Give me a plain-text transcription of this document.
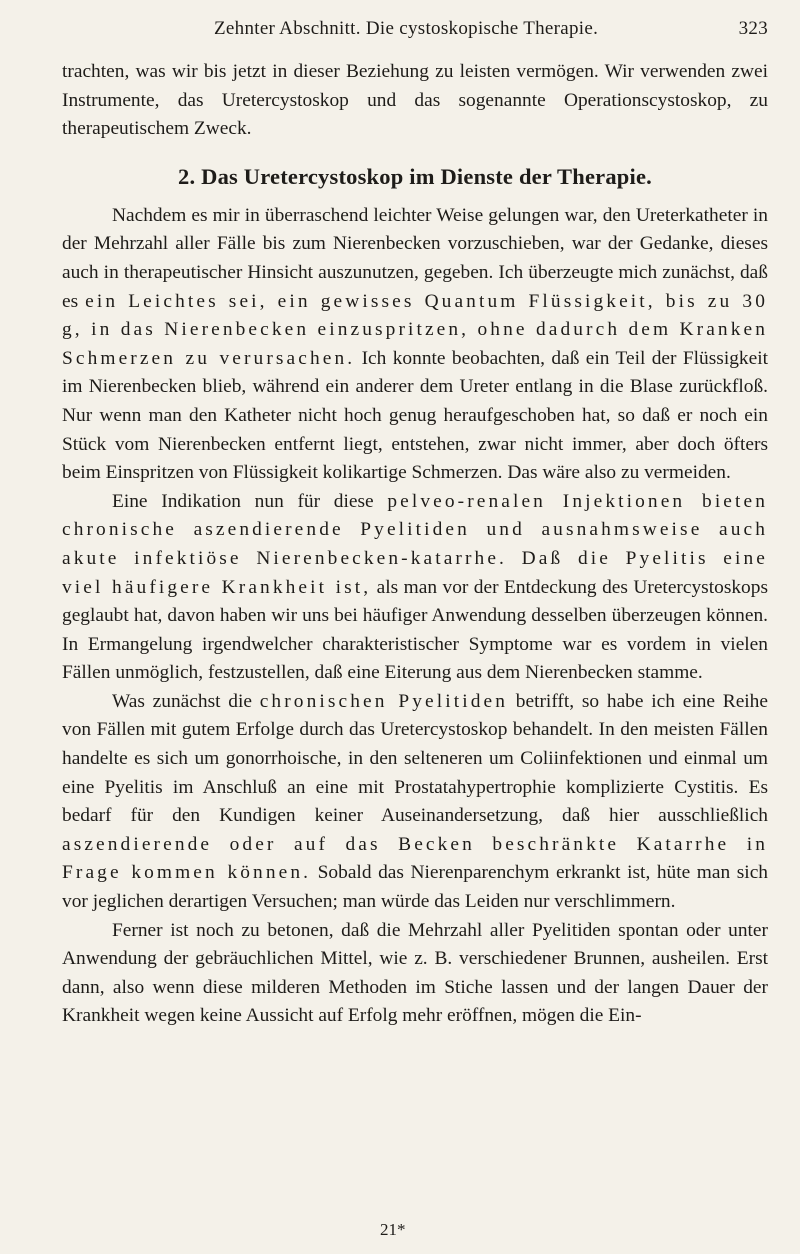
Zehnter Abschnitt. Die cystoskopische Therapie.	323

trachten, was wir bis jetzt in dieser Beziehung zu leisten vermögen. Wir verwenden zwei Instrumente, das Uretercystoskop und das sogenannte Operationscystoskop, zu therapeutischem Zweck.

2. Das Uretercystoskop im Dienste der Therapie.

Nachdem es mir in überraschend leichter Weise gelungen war, den Ureterkatheter in der Mehrzahl aller Fälle bis zum Nierenbecken vorzuschieben, war der Gedanke, dieses auch in therapeutischer Hinsicht auszunutzen, gegeben. Ich überzeugte mich zunächst, daß es ein Leichtes sei, ein gewisses Quantum Flüssigkeit, bis zu 30 g, in das Nierenbecken einzuspritzen, ohne dadurch dem Kranken Schmerzen zu verursachen. Ich konnte beobachten, daß ein Teil der Flüssigkeit im Nierenbecken blieb, während ein anderer dem Ureter entlang in die Blase zurückfloß. Nur wenn man den Katheter nicht hoch genug heraufgeschoben hat, so daß er noch ein Stück vom Nierenbecken entfernt liegt, entstehen, zwar nicht immer, aber doch öfters beim Einspritzen von Flüssigkeit kolikartige Schmerzen. Das wäre also zu vermeiden.

Eine Indikation nun für diese pelveo-renalen Injektionen bieten chronische aszendierende Pyelitiden und ausnahmsweise auch akute infektiöse Nierenbecken-katarrhe. Daß die Pyelitis eine viel häufigere Krankheit ist, als man vor der Entdeckung des Uretercystoskops geglaubt hat, davon haben wir uns bei häufiger Anwendung desselben überzeugen können. In Ermangelung irgendwelcher charakteristischer Symptome war es vordem in vielen Fällen unmöglich, festzustellen, daß eine Eiterung aus dem Nierenbecken stamme.

Was zunächst die chronischen Pyelitiden betrifft, so habe ich eine Reihe von Fällen mit gutem Erfolge durch das Uretercystoskop behandelt. In den meisten Fällen handelte es sich um gonorrhoische, in den selteneren um Coliinfektionen und einmal um eine Pyelitis im Anschluß an eine mit Prostatahypertrophie komplizierte Cystitis. Es bedarf für den Kundigen keiner Auseinandersetzung, daß hier ausschließlich aszendierende oder auf das Becken beschränkte Katarrhe in Frage kommen können. Sobald das Nierenparenchym erkrankt ist, hüte man sich vor jeglichen derartigen Versuchen; man würde das Leiden nur verschlimmern.

Ferner ist noch zu betonen, daß die Mehrzahl aller Pyelitiden spontan oder unter Anwendung der gebräuchlichen Mittel, wie z. B. verschiedener Brunnen, ausheilen. Erst dann, also wenn diese milderen Methoden im Stiche lassen und der langen Dauer der Krankheit wegen keine Aussicht auf Erfolg mehr eröffnen, mögen die Ein-

21*
